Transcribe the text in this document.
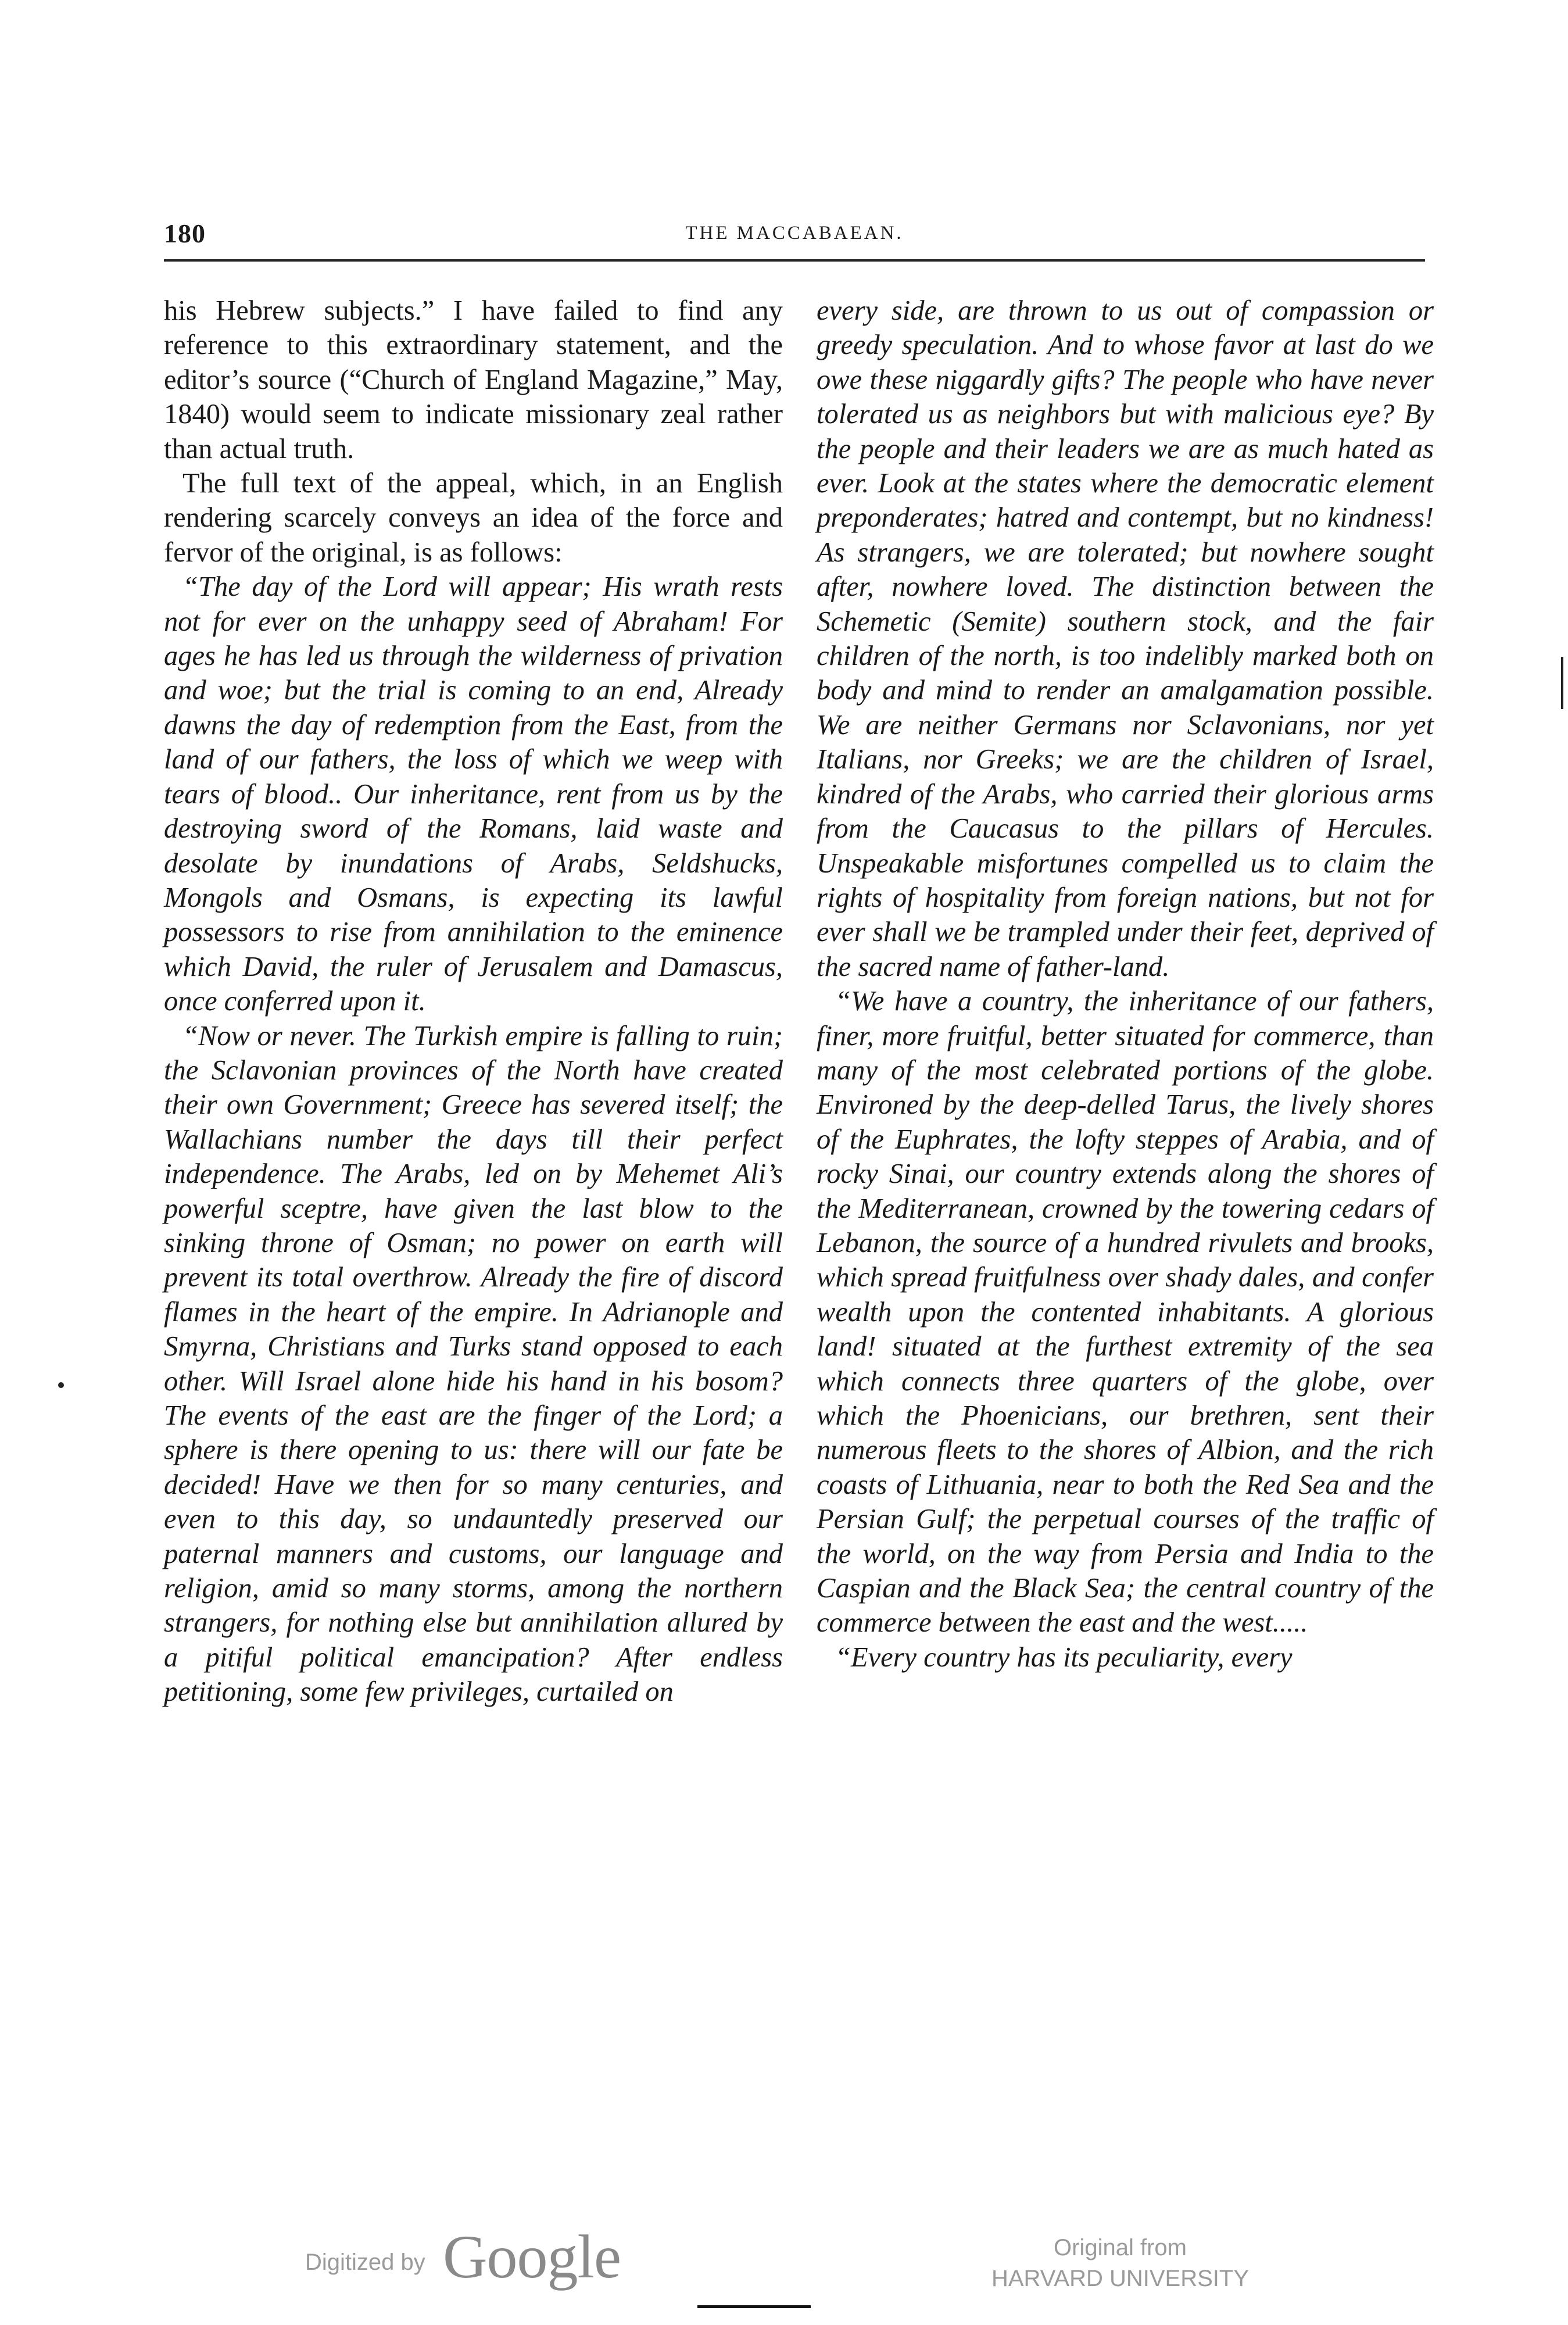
180	THE MACCABAEAN.

his Hebrew subjects.” I have failed to find any reference to this extraordinary statement, and the editor’s source (“Church of England Magazine,” May, 1840) would seem to indicate missionary zeal rather than actual truth.

The full text of the appeal, which, in an English rendering scarcely conveys an idea of the force and fervor of the original, is as follows:

“The day of the Lord will appear; His wrath rests not for ever on the unhappy seed of Abraham! For ages he has led us through the wilderness of privation and woe; but the trial is coming to an end, Already dawns the day of redemption from the East, from the land of our fathers, the loss of which we weep with tears of blood.. Our inheritance, rent from us by the destroying sword of the Romans, laid waste and desolate by inundations of Arabs, Seldshucks, Mongols and Osmans, is expecting its lawful possessors to rise from annihilation to the eminence which David, the ruler of Jerusalem and Damascus, once conferred upon it.

“Now or never. The Turkish empire is falling to ruin; the Sclavonian provinces of the North have created their own Government; Greece has severed itself; the Wallachians number the days till their perfect independence. The Arabs, led on by Mehemet Ali’s powerful sceptre, have given the last blow to the sinking throne of Osman; no power on earth will prevent its total overthrow. Already the fire of discord flames in the heart of the empire. In Adrianople and Smyrna, Christians and Turks stand opposed to each other. Will Israel alone hide his hand in his bosom? The events of the east are the finger of the Lord; a sphere is there opening to us: there will our fate be decided! Have we then for so many centuries, and even to this day, so undauntedly preserved our paternal manners and customs, our language and religion, amid so many storms, among the northern strangers, for nothing else but annihilation allured by a pitiful political emancipation? After endless petitioning, some few privileges, curtailed on

every side, are thrown to us out of compassion or greedy speculation. And to whose favor at last do we owe these niggardly gifts? The people who have never tolerated us as neighbors but with malicious eye? By the people and their leaders we are as much hated as ever. Look at the states where the democratic element preponderates; hatred and contempt, but no kindness! As strangers, we are tolerated; but nowhere sought after, nowhere loved. The distinction between the Schemetic (Semite) southern stock, and the fair children of the north, is too indelibly marked both on body and mind to render an amalgamation possible. We are neither Germans nor Sclavonians, nor yet Italians, nor Greeks; we are the children of Israel, kindred of the Arabs, who carried their glorious arms from the Caucasus to the pillars of Hercules. Unspeakable misfortunes compelled us to claim the rights of hospitality from foreign nations, but not for ever shall we be trampled under their feet, deprived of the sacred name of father-land.

“We have a country, the inheritance of our fathers, finer, more fruitful, better situated for commerce, than many of the most celebrated portions of the globe. Environed by the deep-delled Tarus, the lively shores of the Euphrates, the lofty steppes of Arabia, and of rocky Sinai, our country extends along the shores of the Mediterranean, crowned by the towering cedars of Lebanon, the source of a hundred rivulets and brooks, which spread fruitfulness over shady dales, and confer wealth upon the contented inhabitants. A glorious land! situated at the furthest extremity of the sea which connects three quarters of the globe, over which the Phoenicians, our brethren, sent their numerous fleets to the shores of Albion, and the rich coasts of Lithuania, near to both the Red Sea and the Persian Gulf; the perpetual courses of the traffic of the world, on the way from Persia and India to the Caspian and the Black Sea; the central country of the commerce between the east and the west.....

“Every country has its peculiarity, every

Digitized by Google	Original from
HARVARD UNIVERSITY
